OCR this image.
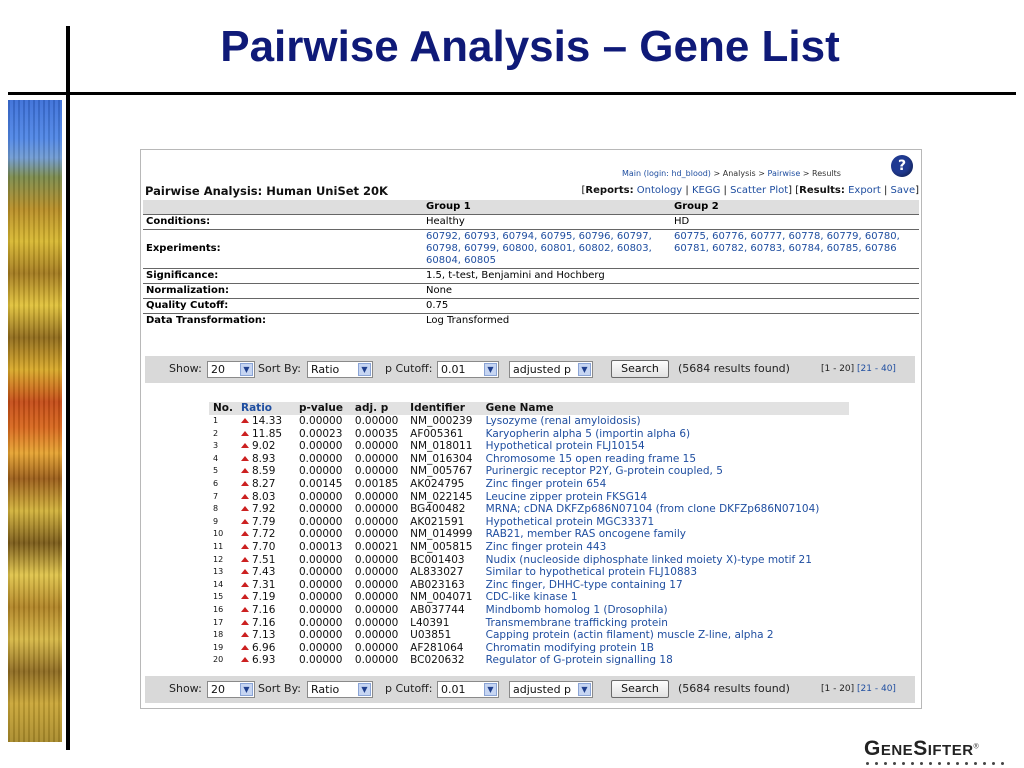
Pairwise Analysis – Gene List
GENESIFTER®
Main (login: hd_blood) > Analysis > Pairwise > Results	?
Pairwise Analysis: Human UniSet 20K	[Reports: Ontology | KEGG | Scatter Plot] [Results: Export | Save]
	Group 1	Group 2
Conditions:	Healthy	HD
Experiments:	60792, 60793, 60794, 60795, 60796, 60797, 60798, 60799, 60800, 60801, 60802, 60803, 60804, 60805	60775, 60776, 60777, 60778, 60779, 60780, 60781, 60782, 60783, 60784, 60785, 60786
Significance:	1.5, t-test, Benjamini and Hochberg	
Normalization:	None	
Quality Cutoff:	0.75	
Data Transformation:	Log Transformed	
Show: 20	▼ Sort By: Ratio	▼	p Cutoff: 0.01	▼	adjusted p	▼	Search	(5684 results found)	[1 - 20] [21 - 40]
No.	Ratio	p-value	adj. p	Identifier	Gene Name
1	14.33	0.00000	0.00000	NM_000239	Lysozyme (renal amyloidosis)
2	11.85	0.00023	0.00035	AF005361	Karyopherin alpha 5 (importin alpha 6)
3	9.02	0.00000	0.00000	NM_018011	Hypothetical protein FLJ10154
4	8.93	0.00000	0.00000	NM_016304	Chromosome 15 open reading frame 15
5	8.59	0.00000	0.00000	NM_005767	Purinergic receptor P2Y, G-protein coupled, 5
6	8.27	0.00145	0.00185	AK024795	Zinc finger protein 654
7	8.03	0.00000	0.00000	NM_022145	Leucine zipper protein FKSG14
8	7.92	0.00000	0.00000	BG400482	MRNA; cDNA DKFZp686N07104 (from clone DKFZp686N07104)
9	7.79	0.00000	0.00000	AK021591	Hypothetical protein MGC33371
10	7.72	0.00000	0.00000	NM_014999	RAB21, member RAS oncogene family
11	7.70	0.00013	0.00021	NM_005815	Zinc finger protein 443
12	7.51	0.00000	0.00000	BC001403	Nudix (nucleoside diphosphate linked moiety X)-type motif 21
13	7.43	0.00000	0.00000	AL833027	Similar to hypothetical protein FLJ10883
14	7.31	0.00000	0.00000	AB023163	Zinc finger, DHHC-type containing 17
15	7.19	0.00000	0.00000	NM_004071	CDC-like kinase 1
16	7.16	0.00000	0.00000	AB037744	Mindbomb homolog 1 (Drosophila)
17	7.16	0.00000	0.00000	L40391	Transmembrane trafficking protein
18	7.13	0.00000	0.00000	U03851	Capping protein (actin filament) muscle Z-line, alpha 2
19	6.96	0.00000	0.00000	AF281064	Chromatin modifying protein 1B
20	6.93	0.00000	0.00000	BC020632	Regulator of G-protein signalling 18
Show: 20	▼ Sort By: Ratio	▼	p Cutoff: 0.01	▼	adjusted p	▼	Search	(5684 results found)	[1 - 20] [21 - 40]
